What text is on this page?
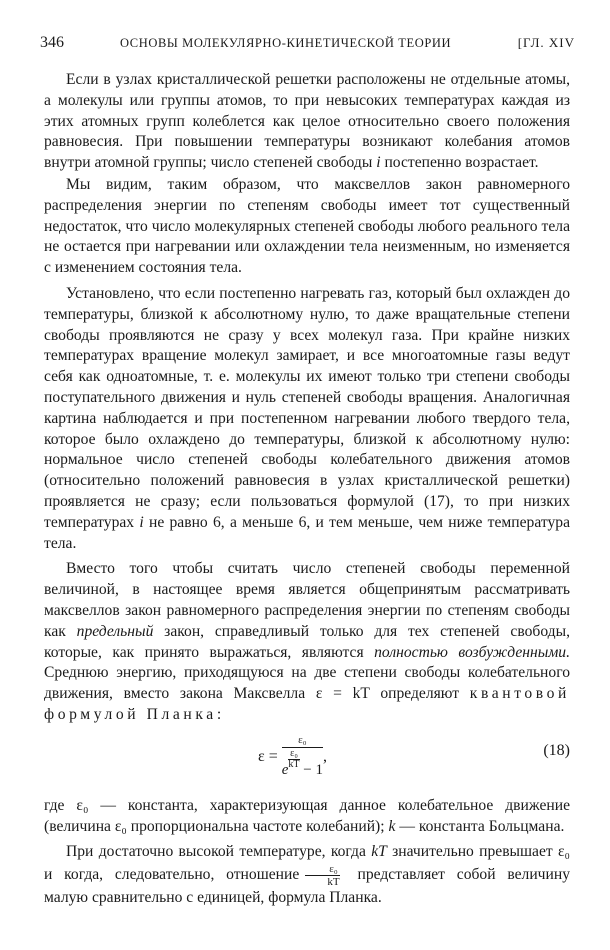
346	ОСНОВЫ МОЛЕКУЛЯРНО-КИНЕТИЧЕСКОЙ ТЕОРИИ	[ГЛ. XIV

Если в узлах кристаллической решетки расположены не отдельные атомы, а молекулы или группы атомов, то при невысоких температурах каждая из этих атомных групп колеблется как целое относительно своего положения равновесия. При повышении температуры возникают колебания атомов внутри атомной группы; число степеней свободы i постепенно возрастает.

Мы видим, таким образом, что максвеллов закон равномерного распределения энергии по степеням свободы имеет тот существенный недостаток, что число молекулярных степеней свободы любого реального тела не остается при нагревании или охлаждении тела неизменным, но изменяется с изменением состояния тела.

Установлено, что если постепенно нагревать газ, который был охлажден до температуры, близкой к абсолютному нулю, то даже вращательные степени свободы проявляются не сразу у всех молекул газа. При крайне низких температурах вращение молекул замирает, и все многоатомные газы ведут себя как одноатомные, т. е. молекулы их имеют только три степени свободы поступательного движения и нуль степеней свободы вращения. Аналогичная картина наблюдается и при постепенном нагревании любого твердого тела, которое было охлаждено до температуры, близкой к абсолютному нулю: нормальное число степеней свободы колебательного движения атомов (относительно положений равновесия в узлах кристаллической решетки) проявляется не сразу; если пользоваться формулой (17), то при низких температурах i не равно 6, а меньше 6, и тем меньше, чем ниже температура тела.

Вместо того чтобы считать число степеней свободы переменной величиной, в настоящее время является общепринятым рассматривать максвеллов закон равномерного распределения энергии по степеням свободы как предельный закон, справедливый только для тех степеней свободы, которые, как принято выражаться, являются полностью возбужденными. Среднюю энергию, приходящуюся на две степени свободы колебательного движения, вместо закона Максвелла ε = kT определяют квантовой формулой Планка:

$\varepsilon = \frac{\text{ε₀}}{e \frac{\text{ε₀}}{kT} - 1}$ ,	(18)

где ε₀ — константа, характеризующая данное колебательное движение (величина ε₀ пропорциональна частоте колебаний); k — константа Больцмана.

При достаточно высокой температуре, когда kT значительно превышает ε₀ и когда, следовательно, отношение $\frac{\text{ε₀}}{kT}$ представляет собой величину малую сравнительно с единицей, формула Планка.
